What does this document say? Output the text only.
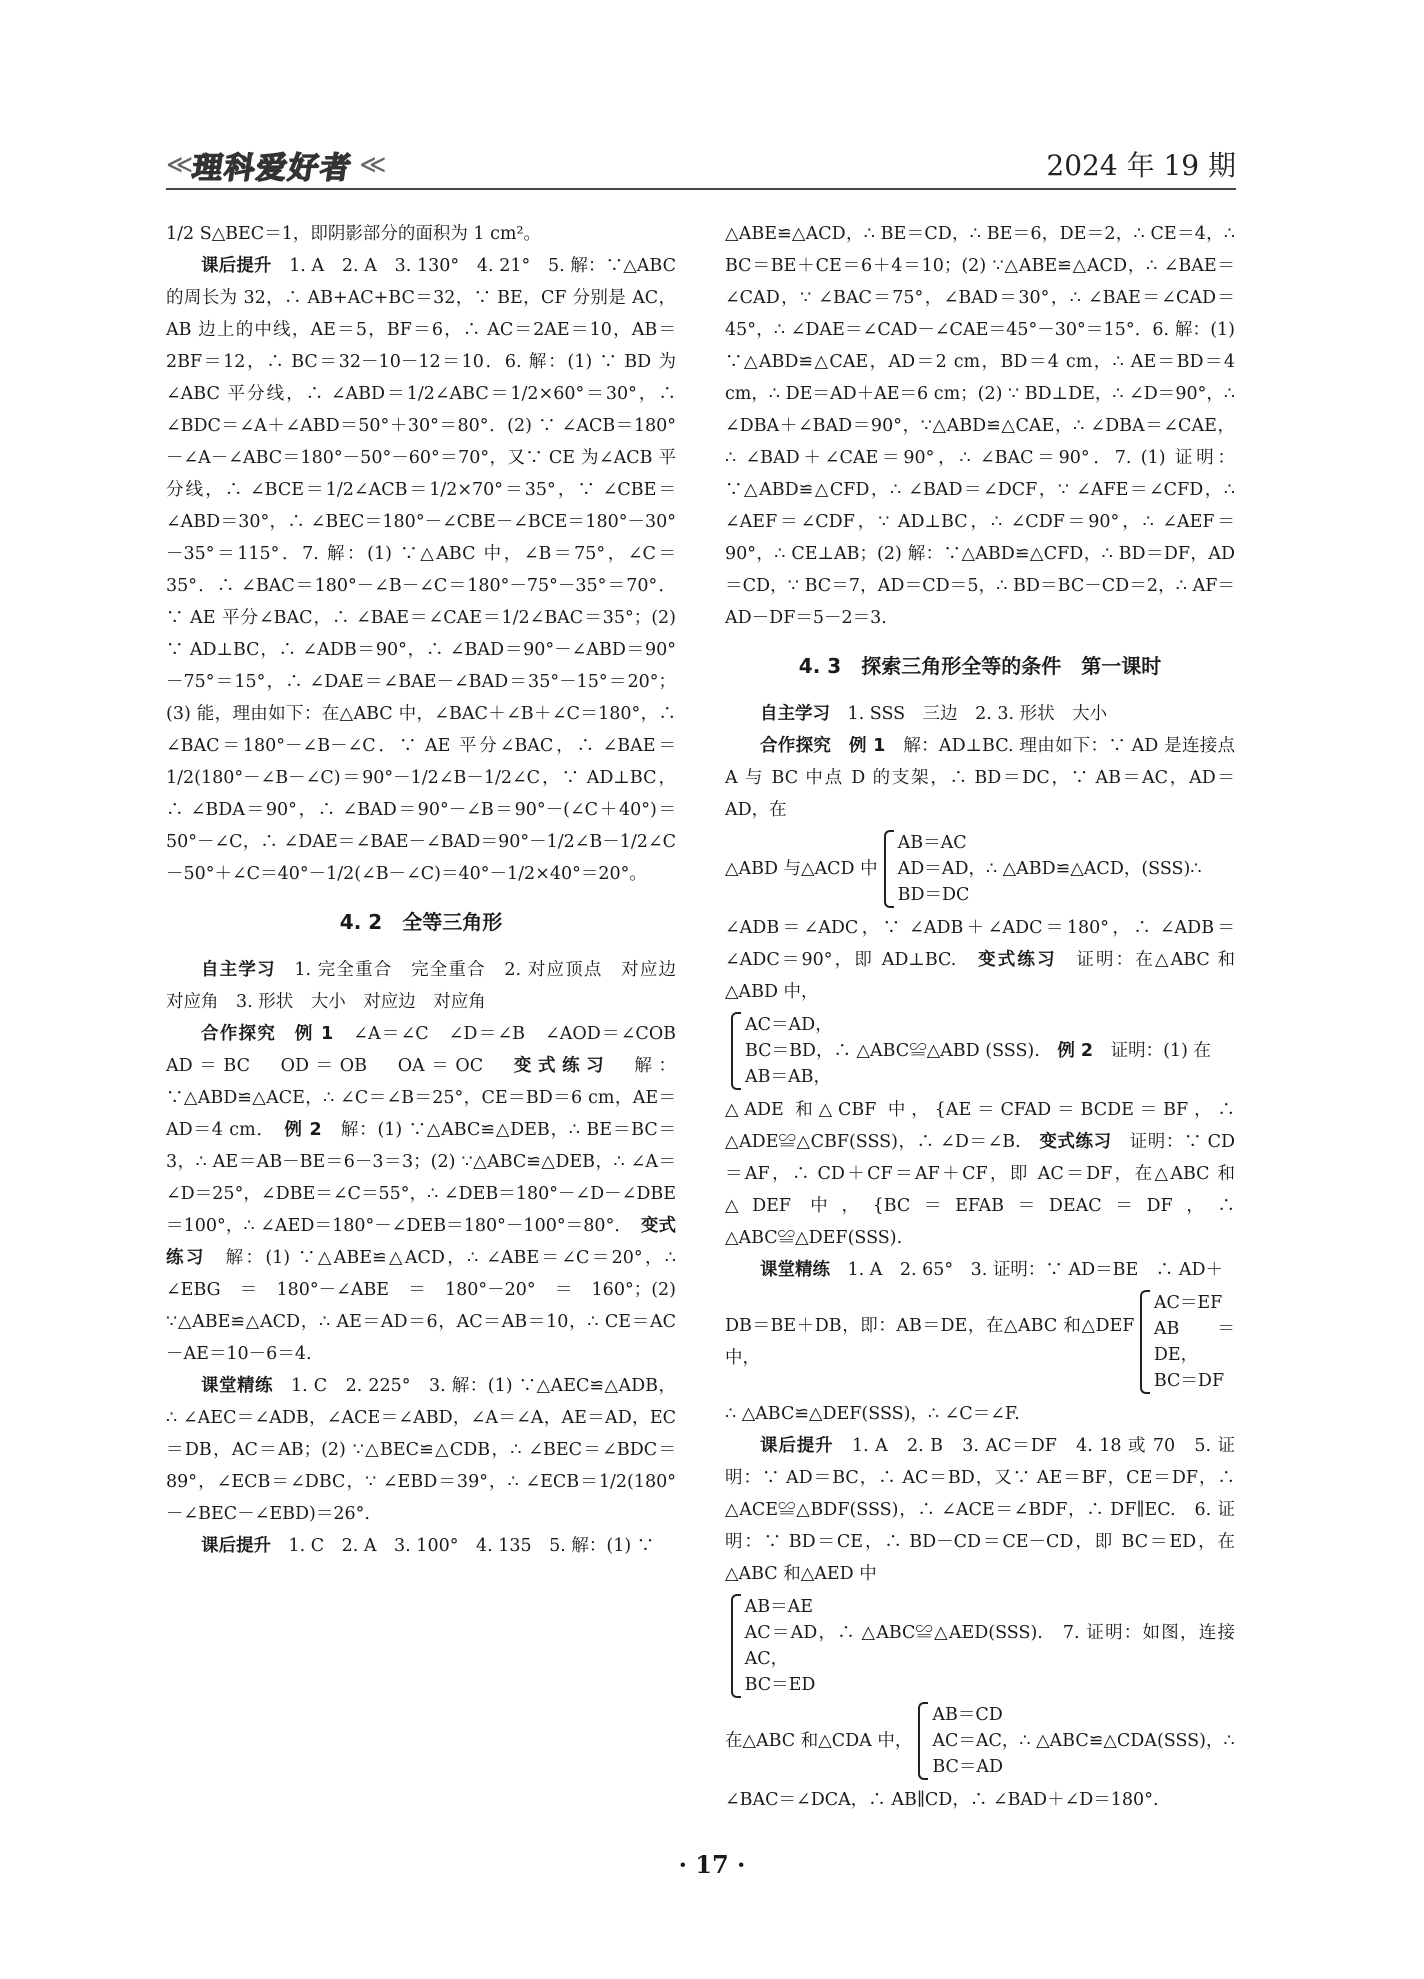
≪ 理科爱好者 ≪	2024 年 19 期

1/2 S△BEC＝1，即阴影部分的面积为 1 cm²。

课后提升　 1. A　2. A　3. 130°　4. 21°　5. 解：∵△ABC 的周长为 32，∴ AB+AC+BC＝32，∵ BE，CF 分别是 AC，AB 边上的中线，AE＝5，BF＝6，∴ AC＝2AE＝10，AB＝2BF＝12，∴ BC＝32－10－12＝10．6. 解：(1) ∵ BD 为∠ABC 平分线，∴ ∠ABD＝1/2∠ABC＝1/2×60°＝30°，∴ ∠BDC＝∠A＋∠ABD＝50°＋30°＝80°．(2) ∵ ∠ACB＝180°－∠A－∠ABC＝180°－50°－60°＝70°，又∵ CE 为∠ACB 平分线，∴ ∠BCE＝1/2∠ACB＝1/2×70°＝35°，∵ ∠CBE＝∠ABD＝30°，∴ ∠BEC＝180°－∠CBE－∠BCE＝180°－30°－35°＝115°．7. 解：(1) ∵△ABC 中，∠B＝75°，∠C＝35°．∴ ∠BAC＝180°－∠B－∠C＝180°－75°－35°＝70°．∵ AE 平分∠BAC，∴ ∠BAE＝∠CAE＝1/2∠BAC＝35°；(2) ∵ AD⊥BC，∴ ∠ADB＝90°，∴ ∠BAD＝90°－∠ABD＝90°－75°＝15°，∴ ∠DAE＝∠BAE－∠BAD＝35°－15°＝20°；(3) 能，理由如下：在△ABC 中，∠BAC＋∠B＋∠C＝180°，∴ ∠BAC＝180°－∠B－∠C．∵ AE 平分∠BAC，∴ ∠BAE＝1/2(180°－∠B－∠C)＝90°－1/2∠B－1/2∠C，∵ AD⊥BC，∴ ∠BDA＝90°，∴ ∠BAD＝90°－∠B＝90°－(∠C＋40°)＝50°－∠C，∴ ∠DAE＝∠BAE－∠BAD＝90°－1/2∠B－1/2∠C－50°＋∠C＝40°－1/2(∠B－∠C)＝40°－1/2×40°＝20°。

4. 2 全等三角形

自主学习　 1. 完全重合　完全重合　2. 对应顶点　对应边　对应角　3. 形状　大小　对应边　对应角

合作探究　 例 1　 ∠A＝∠C　∠D＝∠B　∠AOD＝∠COB　AD＝BC　OD＝OB　OA＝OC　 变式练习　 解：∵△ABD≌△ACE，∴ ∠C＝∠B＝25°，CE＝BD＝6 cm，AE＝AD＝4 cm．　 例 2　 解：(1) ∵△ABC≌△DEB，∴ BE＝BC＝3，∴ AE＝AB－BE＝6－3＝3；(2) ∵△ABC≌△DEB，∴ ∠A＝∠D＝25°，∠DBE＝∠C＝55°，∴ ∠DEB＝180°－∠D－∠DBE＝100°，∴ ∠AED＝180°－∠DEB＝180°－100°＝80°．　 变式练习　 解：(1) ∵△ABE≌△ACD，∴ ∠ABE＝∠C＝20°，∴ ∠EBG＝180°－∠ABE＝180°－20°＝160°；(2) ∵△ABE≌△ACD，∴ AE＝AD＝6，AC＝AB＝10，∴ CE＝AC－AE＝10－6＝4.

课堂精练　 1. C　2. 225°　3. 解：(1) ∵△AEC≌△ADB，∴ ∠AEC＝∠ADB，∠ACE＝∠ABD，∠A＝∠A，AE＝AD，EC＝DB，AC＝AB；(2) ∵△BEC≌△CDB，∴ ∠BEC＝∠BDC＝89°，∠ECB＝∠DBC，∵ ∠EBD＝39°，∴ ∠ECB＝1/2(180°－∠BEC－∠EBD)＝26°.

课后提升　 1. C　2. A　3. 100°　4. 135　5. 解：(1) ∵

△ABE≌△ACD，∴ BE＝CD，∴ BE＝6，DE＝2，∴ CE＝4，∴ BC＝BE＋CE＝6＋4＝10；(2) ∵△ABE≌△ACD，∴ ∠BAE＝∠CAD，∵ ∠BAC＝75°，∠BAD＝30°，∴ ∠BAE＝∠CAD＝45°，∴ ∠DAE＝∠CAD－∠CAE＝45°－30°＝15°．6. 解：(1) ∵△ABD≌△CAE，AD＝2 cm，BD＝4 cm，∴ AE＝BD＝4 cm，∴ DE＝AD＋AE＝6 cm；(2) ∵ BD⊥DE，∴ ∠D＝90°，∴ ∠DBA＋∠BAD＝90°，∵△ABD≌△CAE，∴ ∠DBA＝∠CAE，∴ ∠BAD＋∠CAE＝90°，∴ ∠BAC＝90°．7. (1) 证明：∵△ABD≌△CFD，∴ ∠BAD＝∠DCF，∵ ∠AFE＝∠CFD，∴ ∠AEF＝∠CDF，∵ AD⊥BC，∴ ∠CDF＝90°，∴ ∠AEF＝90°，∴ CE⊥AB；(2) 解：∵△ABD≌△CFD，∴ BD＝DF，AD＝CD，∵ BC＝7，AD＝CD＝5，∴ BD＝BC－CD＝2，∴ AF＝AD－DF＝5－2＝3.

4. 3 探索三角形全等的条件　第一课时

自主学习　 1. SSS　三边　2. 3. 形状　大小

合作探究　 例 1　 解：AD⊥BC. 理由如下：∵ AD 是连接点 A 与 BC 中点 D 的支架，∴ BD＝DC，∵ AB＝AC，AD＝AD，在

△ABD 与△ACD 中
AB＝AC
AD＝AD，
BD＝DC
∴ △ABD≌△ACD，(SSS)∴

∠ADB＝∠ADC，∵ ∠ADB＋∠ADC＝180°，∴ ∠ADB＝∠ADC＝90°，即 AD⊥BC.　 变式练习　 证明：在△ABC 和△ABD 中，

AC＝AD，
BC＝BD，∴ △ABC≌△ABD (SSS).　 例 2　 证明：(1) 在
AB＝AB，

△ADE 和△CBF 中，{AE＝CFAD＝BCDE＝BF，∴ △ADE≌△CBF(SSS)，∴ ∠D＝∠B.　 变式练习　 证明：∵ CD＝AF，∴ CD＋CF＝AF＋CF，即 AC＝DF，在△ABC 和△DEF 中，{BC＝EFAB＝DEAC＝DF，∴ △ABC≌△DEF(SSS).

课堂精练　 1. A　2. 65°　3. 证明：∵ AD＝BE　∴ AD＋

DB＝BE＋DB，即：AB＝DE，在△ABC 和△DEF 中，
AC＝EF
AB＝DE，
BC＝DF

∴ △ABC≌△DEF(SSS)，∴ ∠C＝∠F.

课后提升　 1. A　2. B　3. AC＝DF　4. 18 或 70　5. 证明：∵ AD＝BC，∴ AC＝BD，又∵ AE＝BF，CE＝DF，∴ △ACE≌△BDF(SSS)，∴ ∠ACE＝∠BDF，∴ DF∥EC.　6. 证明：∵ BD＝CE，∴ BD－CD＝CE－CD，即 BC＝ED，在△ABC 和△AED 中

AB＝AE
AC＝AD，∴ △ABC≌△AED(SSS).　7. 证明：如图，连接 AC，
BC＝ED
在△ABC 和△CDA 中，
AB＝CD
AC＝AC，
BC＝AD
∴ △ABC≌△CDA(SSS)，∴

∠BAC＝∠DCA，∴ AB∥CD，∴ ∠BAD＋∠D＝180°.

· 17 ·
